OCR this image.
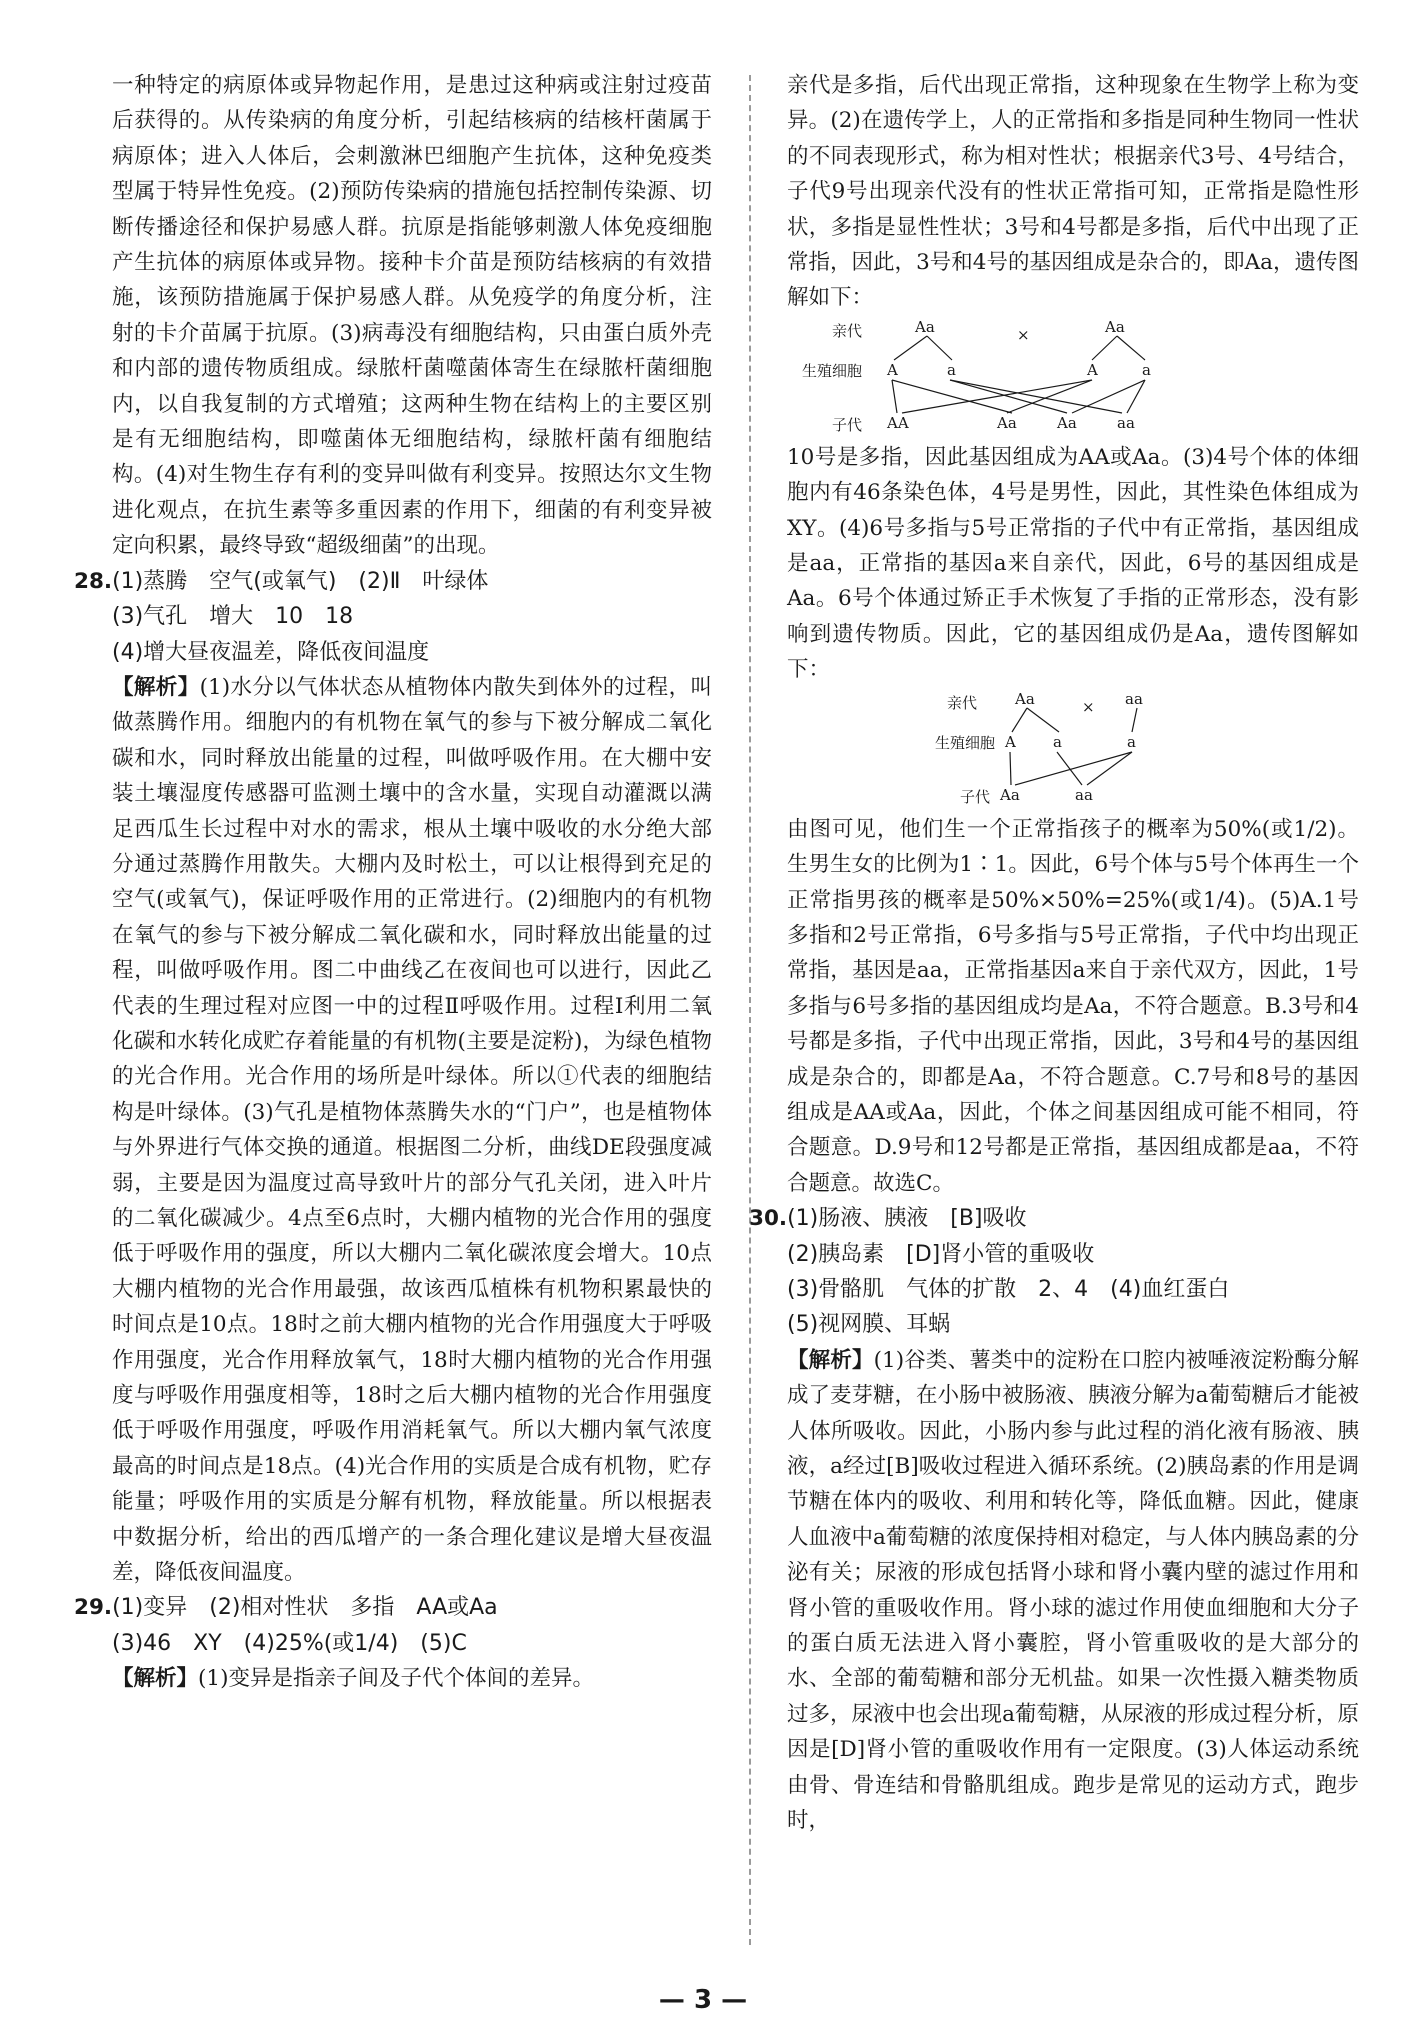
一种特定的病原体或异物起作用，是患过这种病或注射过疫苗后获得的。从传染病的角度分析，引起结核病的结核杆菌属于病原体；进入人体后，会刺激淋巴细胞产生抗体，这种免疫类型属于特异性免疫。(2)预防传染病的措施包括控制传染源、切断传播途径和保护易感人群。抗原是指能够刺激人体免疫细胞产生抗体的病原体或异物。接种卡介苗是预防结核病的有效措施，该预防措施属于保护易感人群。从免疫学的角度分析，注射的卡介苗属于抗原。(3)病毒没有细胞结构，只由蛋白质外壳和内部的遗传物质组成。绿脓杆菌噬菌体寄生在绿脓杆菌细胞内，以自我复制的方式增殖；这两种生物在结构上的主要区别是有无细胞结构，即噬菌体无细胞结构，绿脓杆菌有细胞结构。(4)对生物生存有利的变异叫做有利变异。按照达尔文生物进化观点，在抗生素等多重因素的作用下，细菌的有利变异被定向积累，最终导致“超级细菌”的出现。

28.(1)蒸腾　空气(或氧气)　(2)Ⅱ　叶绿体

(3)气孔　增大　10　18

(4)增大昼夜温差，降低夜间温度

【解析】(1)水分以气体状态从植物体内散失到体外的过程，叫做蒸腾作用。细胞内的有机物在氧气的参与下被分解成二氧化碳和水，同时释放出能量的过程，叫做呼吸作用。在大棚中安装土壤湿度传感器可监测土壤中的含水量，实现自动灌溉以满足西瓜生长过程中对水的需求，根从土壤中吸收的水分绝大部分通过蒸腾作用散失。大棚内及时松土，可以让根得到充足的空气(或氧气)，保证呼吸作用的正常进行。(2)细胞内的有机物在氧气的参与下被分解成二氧化碳和水，同时释放出能量的过程，叫做呼吸作用。图二中曲线乙在夜间也可以进行，因此乙代表的生理过程对应图一中的过程Ⅱ呼吸作用。过程Ⅰ利用二氧化碳和水转化成贮存着能量的有机物(主要是淀粉)，为绿色植物的光合作用。光合作用的场所是叶绿体。所以①代表的细胞结构是叶绿体。(3)气孔是植物体蒸腾失水的“门户”，也是植物体与外界进行气体交换的通道。根据图二分析，曲线DE段强度减弱，主要是因为温度过高导致叶片的部分气孔关闭，进入叶片的二氧化碳减少。4点至6点时，大棚内植物的光合作用的强度低于呼吸作用的强度，所以大棚内二氧化碳浓度会增大。10点大棚内植物的光合作用最强，故该西瓜植株有机物积累最快的时间点是10点。18时之前大棚内植物的光合作用强度大于呼吸作用强度，光合作用释放氧气，18时大棚内植物的光合作用强度与呼吸作用强度相等，18时之后大棚内植物的光合作用强度低于呼吸作用强度，呼吸作用消耗氧气。所以大棚内氧气浓度最高的时间点是18点。(4)光合作用的实质是合成有机物，贮存能量；呼吸作用的实质是分解有机物，释放能量。所以根据表中数据分析，给出的西瓜增产的一条合理化建议是增大昼夜温差，降低夜间温度。

29.(1)变异　(2)相对性状　多指　AA或Aa

(3)46　XY　(4)25%(或1/4)　(5)C

【解析】(1)变异是指亲子间及子代个体间的差异。

亲代是多指，后代出现正常指，这种现象在生物学上称为变异。(2)在遗传学上，人的正常指和多指是同种生物同一性状的不同表现形式，称为相对性状；根据亲代3号、4号结合，子代9号出现亲代没有的性状正常指可知，正常指是隐性形状，多指是显性性状；3号和4号都是多指，后代中出现了正常指，因此，3号和4号的基因组成是杂合的，即Aa，遗传图解如下：

亲代
生殖细胞
子代
Aa	×	Aa
A	a	A	a
AA	Aa	Aa	aa

10号是多指，因此基因组成为AA或Aa。(3)4号个体的体细胞内有46条染色体，4号是男性，因此，其性染色体组成为XY。(4)6号多指与5号正常指的子代中有正常指，基因组成是aa，正常指的基因a来自亲代，因此，6号的基因组成是Aa。6号个体通过矫正手术恢复了手指的正常形态，没有影响到遗传物质。因此，它的基因组成仍是Aa，遗传图解如下：

亲代
生殖细胞
子代
Aa	× aa
A a	a
Aa	aa

由图可见，他们生一个正常指孩子的概率为50%(或1/2)。生男生女的比例为1∶1。因此，6号个体与5号个体再生一个正常指男孩的概率是50%×50%=25%(或1/4)。(5)A.1号多指和2号正常指，6号多指与5号正常指，子代中均出现正常指，基因是aa，正常指基因a来自于亲代双方，因此，1号多指与6号多指的基因组成均是Aa，不符合题意。B.3号和4号都是多指，子代中出现正常指，因此，3号和4号的基因组成是杂合的，即都是Aa，不符合题意。C.7号和8号的基因组成是AA或Aa，因此，个体之间基因组成可能不相同，符合题意。D.9号和12号都是正常指，基因组成都是aa，不符合题意。故选C。

30.(1)肠液、胰液　[B]吸收

(2)胰岛素　[D]肾小管的重吸收

(3)骨骼肌　气体的扩散　2、4　(4)血红蛋白

(5)视网膜、耳蜗

【解析】(1)谷类、薯类中的淀粉在口腔内被唾液淀粉酶分解成了麦芽糖，在小肠中被肠液、胰液分解为a葡萄糖后才能被人体所吸收。因此，小肠内参与此过程的消化液有肠液、胰液，a经过[B]吸收过程进入循环系统。(2)胰岛素的作用是调节糖在体内的吸收、利用和转化等，降低血糖。因此，健康人血液中a葡萄糖的浓度保持相对稳定，与人体内胰岛素的分泌有关；尿液的形成包括肾小球和肾小囊内壁的滤过作用和肾小管的重吸收作用。肾小球的滤过作用使血细胞和大分子的蛋白质无法进入肾小囊腔，肾小管重吸收的是大部分的水、全部的葡萄糖和部分无机盐。如果一次性摄入糖类物质过多，尿液中也会出现a葡萄糖，从尿液的形成过程分析，原因是[D]肾小管的重吸收作用有一定限度。(3)人体运动系统由骨、骨连结和骨骼肌组成。跑步是常见的运动方式，跑步时，

— 3 —
